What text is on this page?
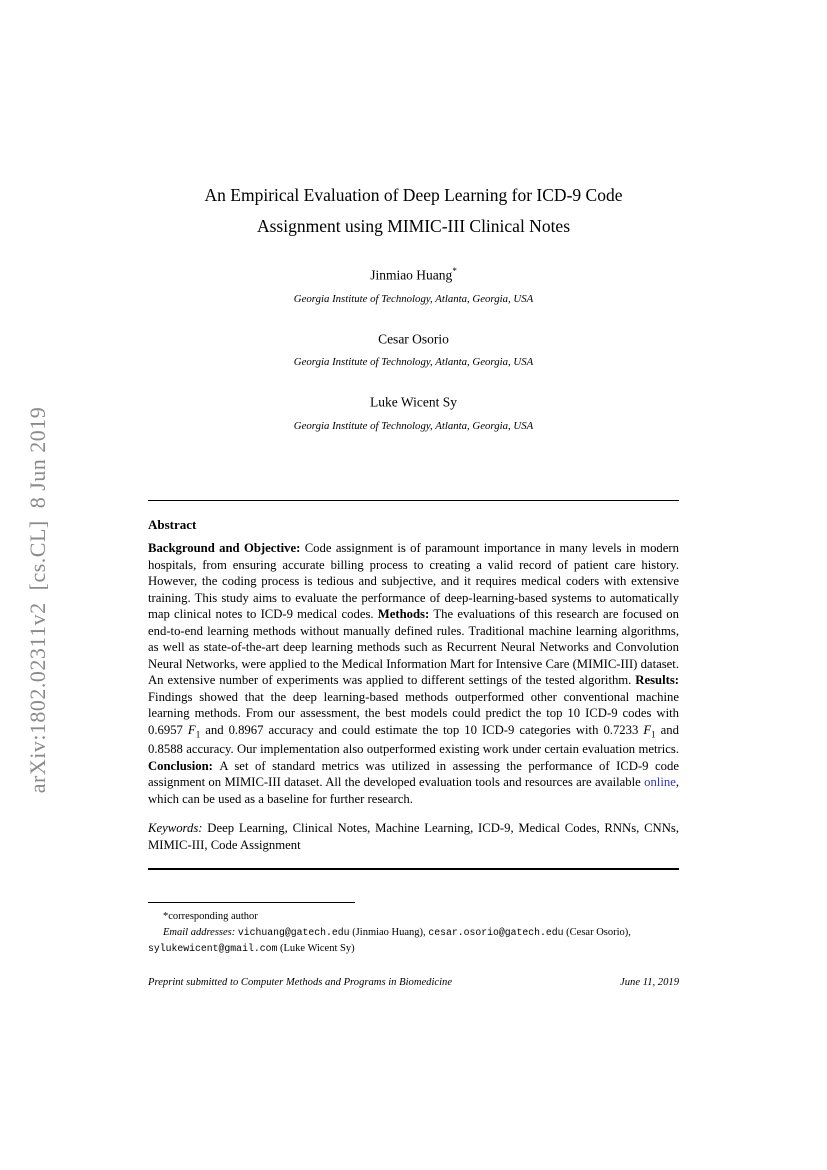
arXiv:1802.02311v2  [cs.CL]  8 Jun 2019
An Empirical Evaluation of Deep Learning for ICD-9 Code
Assignment using MIMIC-III Clinical Notes
Jinmiao Huang*
Georgia Institute of Technology, Atlanta, Georgia, USA
Cesar Osorio
Georgia Institute of Technology, Atlanta, Georgia, USA
Luke Wicent Sy
Georgia Institute of Technology, Atlanta, Georgia, USA
Abstract

Background and Objective: Code assignment is of paramount importance in many levels in modern hospitals, from ensuring accurate billing process to creating a valid record of patient care history. However, the coding process is tedious and subjective, and it requires medical coders with extensive training. This study aims to evaluate the performance of deep-learning-based systems to automatically map clinical notes to ICD-9 medical codes. Methods: The evaluations of this research are focused on end-to-end learning methods without manually defined rules. Traditional machine learning algorithms, as well as state-of-the-art deep learning methods such as Recurrent Neural Networks and Convolution Neural Networks, were applied to the Medical Information Mart for Intensive Care (MIMIC-III) dataset. An extensive number of experiments was applied to different settings of the tested algorithm. Results: Findings showed that the deep learning-based methods outperformed other conventional machine learning methods. From our assessment, the best models could predict the top 10 ICD-9 codes with 0.6957 $F_1$ and 0.8967 accuracy and could estimate the top 10 ICD-9 categories with 0.7233 $F_1$ and 0.8588 accuracy. Our implementation also outperformed existing work under certain evaluation metrics. Conclusion: A set of standard metrics was utilized in assessing the performance of ICD-9 code assignment on MIMIC-III dataset. All the developed evaluation tools and resources are available online, which can be used as a baseline for further research.

Keywords: Deep Learning, Clinical Notes, Machine Learning, ICD-9, Medical Codes, RNNs, CNNs, MIMIC-III, Code Assignment

*corresponding author
Email addresses: vichuang@gatech.edu (Jinmiao Huang), cesar.osorio@gatech.edu (Cesar Osorio), sylukewicent@gmail.com (Luke Wicent Sy)
Preprint submitted to Computer Methods and Programs in Biomedicine	June 11, 2019
